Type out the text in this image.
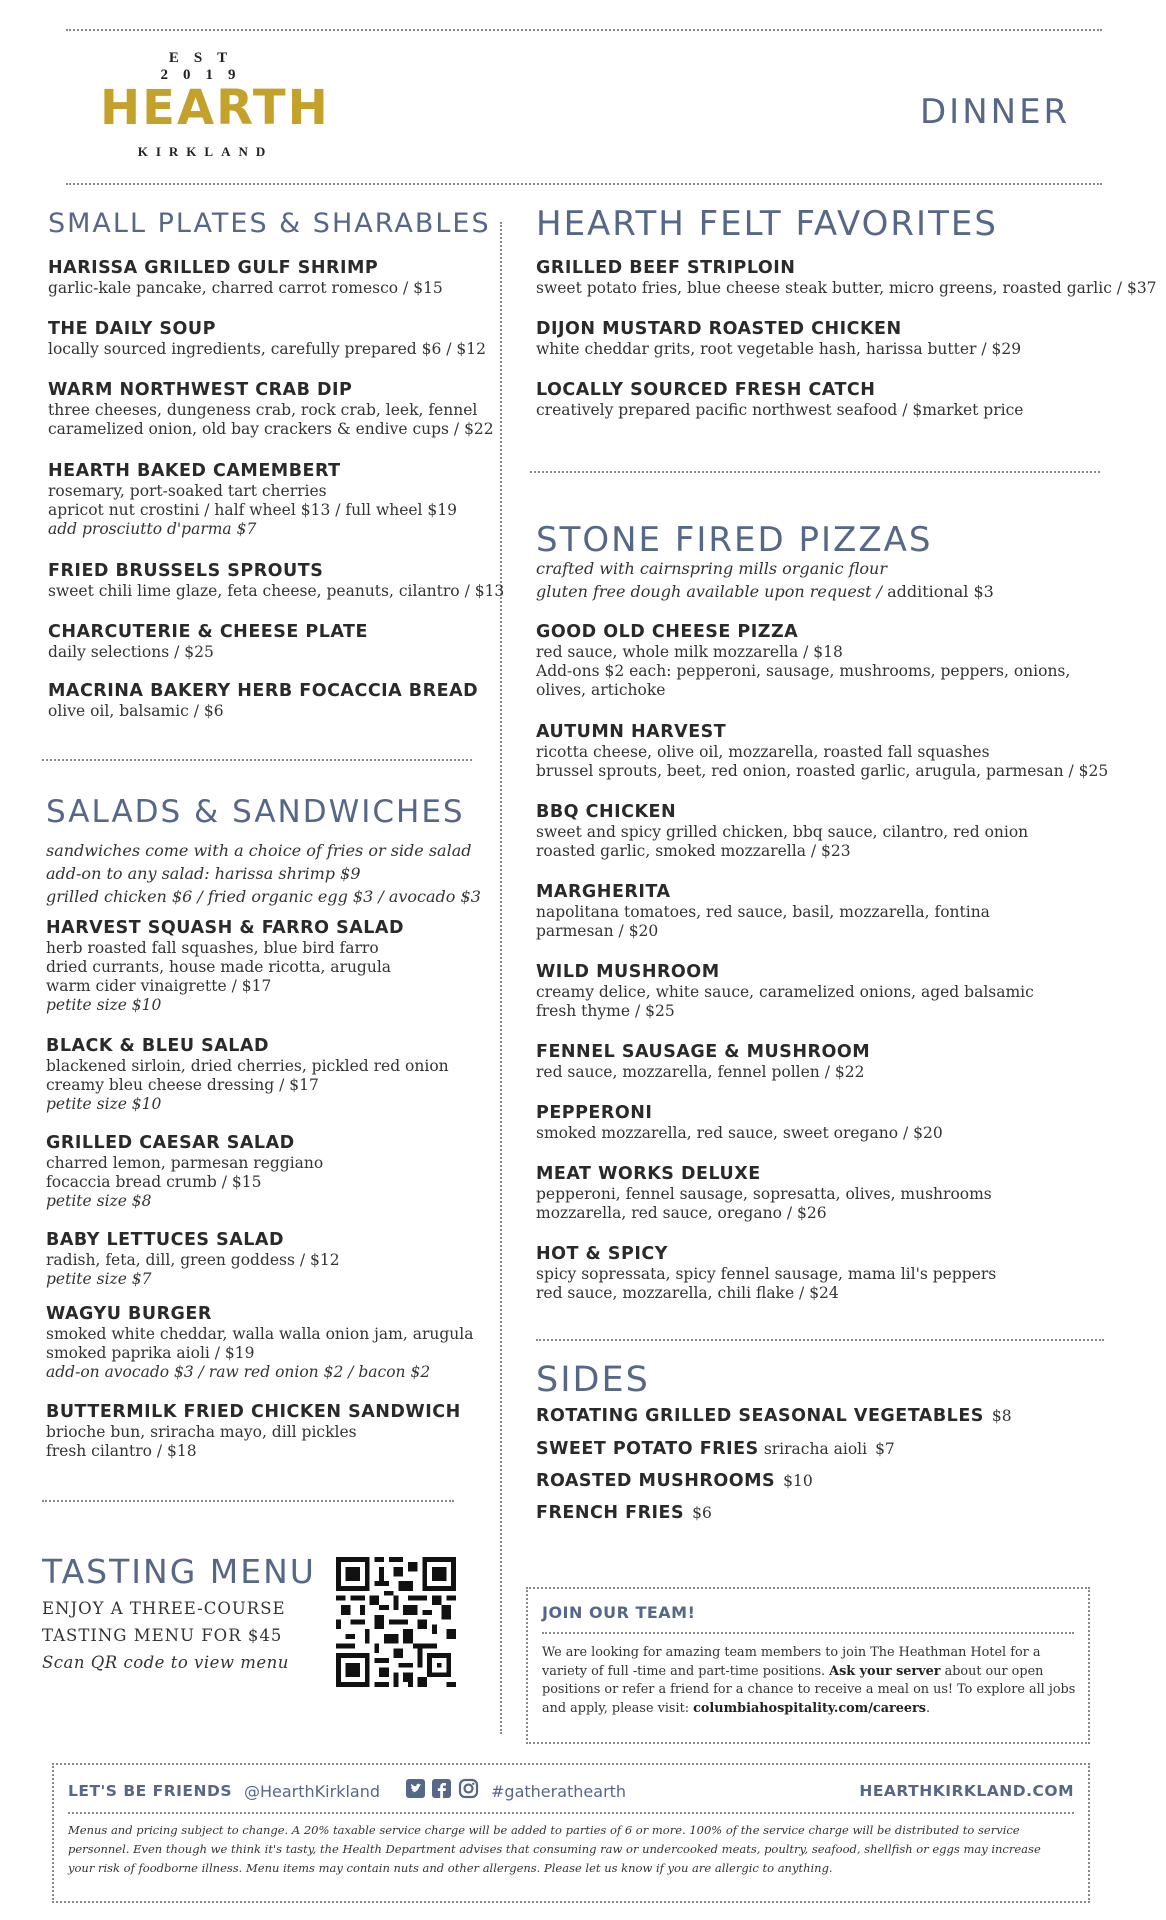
EST 2019
HEARTH
KIRKLAND
DINNER
SMALL PLATES & SHARABLES
HARISSA GRILLED GULF SHRIMP
garlic-kale pancake, charred carrot romesco / $15
THE DAILY SOUP
locally sourced ingredients, carefully prepared $6 / $12
WARM NORTHWEST CRAB DIP
three cheeses, dungeness crab, rock crab, leek, fennel
caramelized onion, old bay crackers & endive cups / $22
HEARTH BAKED CAMEMBERT
rosemary, port-soaked tart cherries
apricot nut crostini / half wheel $13 / full wheel $19
add prosciutto d'parma $7
FRIED BRUSSELS SPROUTS
sweet chili lime glaze, feta cheese, peanuts, cilantro / $13
CHARCUTERIE & CHEESE PLATE
daily selections / $25
MACRINA BAKERY HERB FOCACCIA BREAD
olive oil, balsamic / $6
SALADS & SANDWICHES
sandwiches come with a choice of fries or side salad
add-on to any salad: harissa shrimp $9
grilled chicken $6 / fried organic egg $3 / avocado $3
HARVEST SQUASH & FARRO SALAD
herb roasted fall squashes, blue bird farro
dried currants, house made ricotta, arugula
warm cider vinaigrette / $17
petite size $10
BLACK & BLEU SALAD
blackened sirloin, dried cherries, pickled red onion
creamy bleu cheese dressing / $17
petite size $10
GRILLED CAESAR SALAD
charred lemon, parmesan reggiano
focaccia bread crumb / $15
petite size $8
BABY LETTUCES SALAD
radish, feta, dill, green goddess / $12
petite size $7
WAGYU BURGER
smoked white cheddar, walla walla onion jam, arugula
smoked paprika aioli / $19
add-on avocado $3 / raw red onion $2 / bacon $2
BUTTERMILK FRIED CHICKEN SANDWICH
brioche bun, sriracha mayo, dill pickles
fresh cilantro / $18
TASTING MENU
ENJOY A THREE-COURSE
TASTING MENU FOR $45
Scan QR code to view menu
HEARTH FELT FAVORITES
GRILLED BEEF STRIPLOIN
sweet potato fries, blue cheese steak butter, micro greens, roasted garlic / $37
DIJON MUSTARD ROASTED CHICKEN
white cheddar grits, root vegetable hash, harissa butter / $29
LOCALLY SOURCED FRESH CATCH
creatively prepared pacific northwest seafood / $market price
STONE FIRED PIZZAS
crafted with cairnspring mills organic flour
gluten free dough available upon request / additional $3
GOOD OLD CHEESE PIZZA
red sauce, whole milk mozzarella / $18
Add-ons $2 each: pepperoni, sausage, mushrooms, peppers, onions,
olives, artichoke
AUTUMN HARVEST
ricotta cheese, olive oil, mozzarella, roasted fall squashes
brussel sprouts, beet, red onion, roasted garlic, arugula, parmesan / $25
BBQ CHICKEN
sweet and spicy grilled chicken, bbq sauce, cilantro, red onion
roasted garlic, smoked mozzarella / $23
MARGHERITA
napolitana tomatoes, red sauce, basil, mozzarella, fontina
parmesan / $20
WILD MUSHROOM
creamy delice, white sauce, caramelized onions, aged balsamic
fresh thyme / $25
FENNEL SAUSAGE & MUSHROOM
red sauce, mozzarella, fennel pollen / $22
PEPPERONI
smoked mozzarella, red sauce, sweet oregano / $20
MEAT WORKS DELUXE
pepperoni, fennel sausage, sopresatta, olives, mushrooms
mozzarella, red sauce, oregano / $26
HOT & SPICY
spicy sopressata, spicy fennel sausage, mama lil's peppers
red sauce, mozzarella, chili flake / $24
SIDES
ROTATING GRILLED SEASONAL VEGETABLES $8
SWEET POTATO FRIES sriracha aioli $7
ROASTED MUSHROOMS $10
FRENCH FRIES $6
JOIN OUR TEAM!
We are looking for amazing team members to join The Heathman Hotel for a variety of full -time and part-time positions. Ask your server about our open positions or refer a friend for a chance to receive a meal on us! To explore all jobs and apply, please visit: columbiahospitality.com/careers.
LET'S BE FRIENDS @HearthKirkland	#gatherathearth	HEARTHKIRKLAND.COM
Menus and pricing subject to change. A 20% taxable service charge will be added to parties of 6 or more. 100% of the service charge will be distributed to service personnel. Even though we think it's tasty, the Health Department advises that consuming raw or undercooked meats, poultry, seafood, shellfish or eggs may increase your risk of foodborne illness. Menu items may contain nuts and other allergens. Please let us know if you are allergic to anything.
